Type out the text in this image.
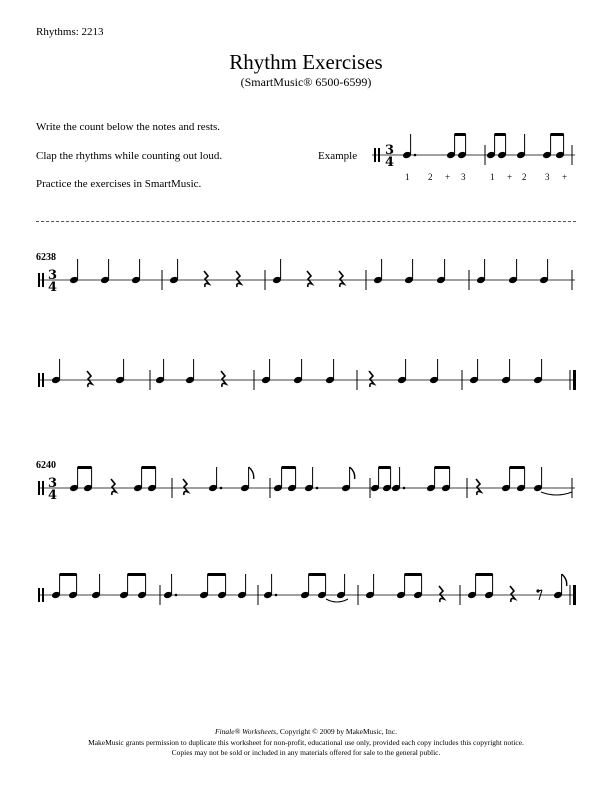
Rhythms: 2213
Rhythm Exercises
(SmartMusic® 6500-6599)
Write the count below the notes and rests.
Clap the rhythms while counting out loud.
Practice the exercises in SmartMusic.
Example 3
4
1 2 + 3	1 + 2 3 +
6238
3
4
6240
3
4
Finale® Worksheets, Copyright © 2009 by MakeMusic, Inc.
MakeMusic grants permission to duplicate this worksheet for non-profit, educational use only, provided each copy includes this copyright notice.
Copies may not be sold or included in any materials offered for sale to the general public.
